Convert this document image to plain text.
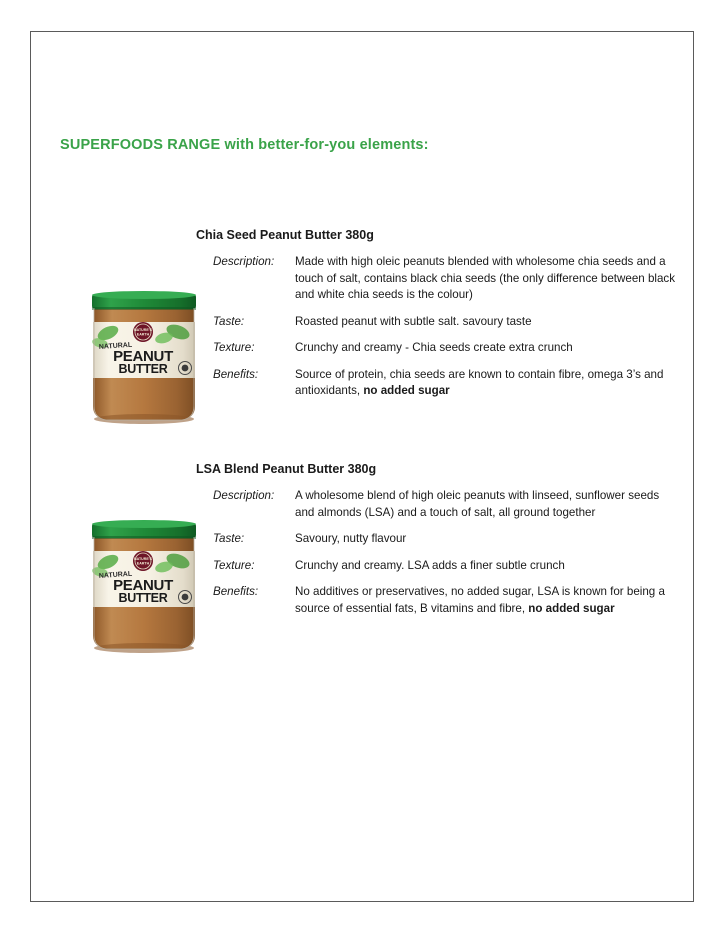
SUPERFOODS RANGE with better-for-you elements:
NATURE'S
EARTH
NATURAL
PEANUT
BUTTER
Chia Seed Peanut Butter 380g
Description:	Made with high oleic peanuts blended with wholesome chia seeds and a touch of salt, contains black chia seeds (the only difference between black and white chia seeds is the colour)
Taste:	Roasted peanut with subtle salt. savoury taste
Texture:	Crunchy and creamy - Chia seeds create extra crunch
Benefits:	Source of protein, chia seeds are known to contain fibre, omega 3’s and antioxidants, no added sugar
NATURE'S
EARTH
NATURAL
PEANUT
BUTTER
LSA Blend Peanut Butter 380g
Description:	A wholesome blend of high oleic peanuts with linseed, sunflower seeds and almonds (LSA) and a touch of salt, all ground together
Taste:	Savoury, nutty flavour
Texture:	Crunchy and creamy. LSA adds a finer subtle crunch
Benefits:	No additives or preservatives, no added sugar, LSA is known for being a source of essential fats, B vitamins and fibre, no added sugar
